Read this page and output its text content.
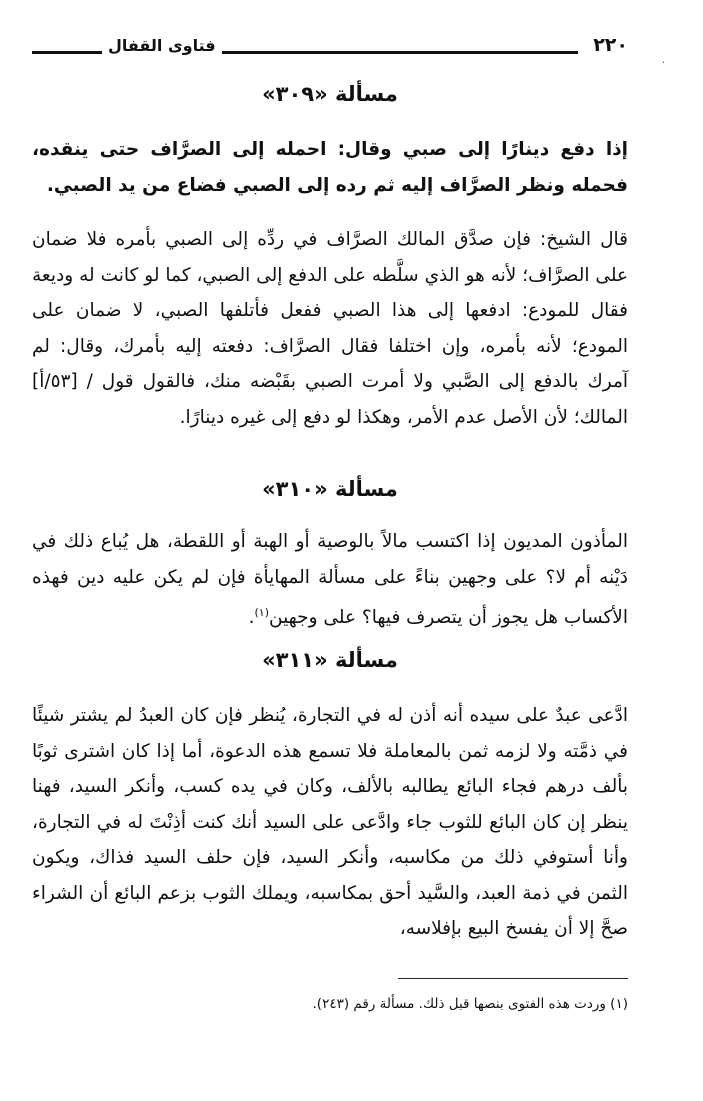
٢٢٠
فتاوى القفال
·
مسألة «٣٠٩»

إذا دفع دينارًا إلى صبي وقال: احمله إلى الصرَّاف حتى ينقده، فحمله ونظر الصرَّاف إليه ثم رده إلى الصبي فضاع من يد الصبي.

قال الشيخ: فإن صدَّق المالك الصرَّاف في ردِّه إلى الصبي بأمره فلا ضمان على الصرَّاف؛ لأنه هو الذي سلَّطه على الدفع إلى الصبي، كما لو كانت له وديعة فقال للمودع: ادفعها إلى هذا الصبي ففعل فأتلفها الصبي، لا ضمان على المودع؛ لأنه بأمره، وإن اختلفا فقال الصرَّاف: دفعته إليه بأمرك، وقال: لم آمرك بالدفع إلى الصَّبي ولا أمرت الصبي بقَبْضه منك، فالقول قول / [٥٣/أ] المالك؛ لأن الأصل عدم الأمر، وهكذا لو دفع إلى غيره دينارًا.

مسألة «٣١٠»

المأذون المديون إذا اكتسب مالاً بالوصية أو الهبة أو اللقطة، هل يُباع ذلك في دَيْنه أم لا؟ على وجهين بناءً على مسألة المهايأة فإن لم يكن عليه دين فهذه الأكساب هل يجوز أن يتصرف فيها؟ على وجهين$^{(١)}$.

مسألة «٣١١»

ادَّعى عبدٌ على سيده أنه أذن له في التجارة، يُنظر فإن كان العبدُ لم يشتر شيئًا في ذمَّته ولا لزمه ثمن بالمعاملة فلا تسمع هذه الدعوة، أما إذا كان اشترى ثوبًا بألف درهم فجاء البائع يطالبه بالألف، وكان في يده كسب، وأنكر السيد، فهنا ينظر إن كان البائع للثوب جاء وادَّعى على السيد أنك كنت أذِنْتَ له في التجارة، وأنا أستوفي ذلك من مكاسبه، وأنكر السيد، فإن حلف السيد فذاك، ويكون الثمن في ذمة العبد، والسَّيد أحق بمكاسبه، ويملك الثوب بزعم البائع أن الشراء صحَّ إلا أن يفسخ البيع بإفلاسه،

(١) وردت هذه الفتوى بنصها قبل ذلك. مسألة رقم (٢٤٣).
